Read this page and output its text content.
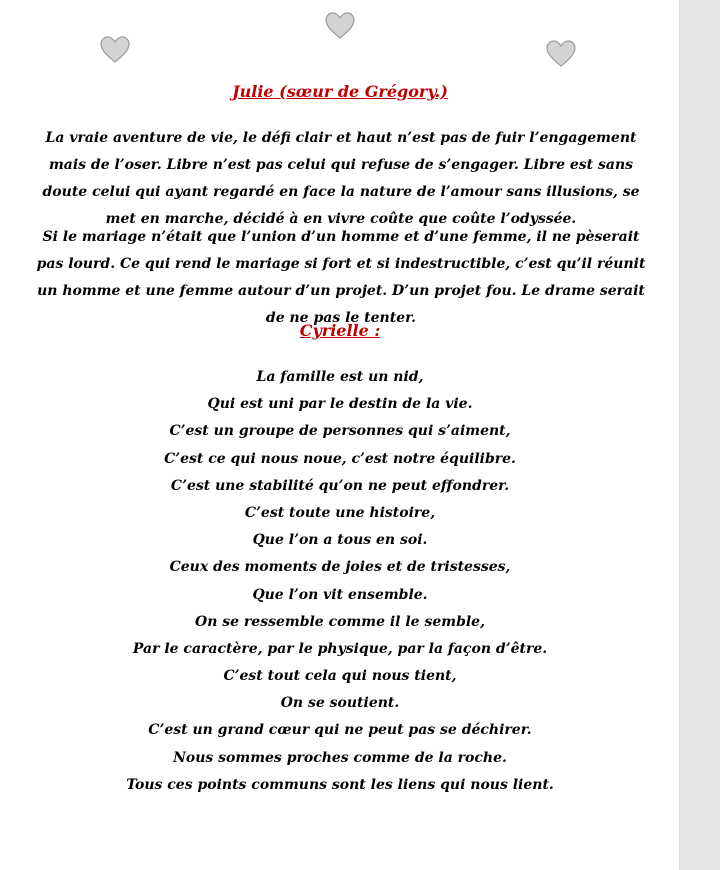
Julie (sœur de Grégory.)
La vraie aventure de vie, le défi clair et haut n’est pas de fuir l’engagement mais de l’oser. Libre n’est pas celui qui refuse de s’engager. Libre est sans doute celui qui ayant regardé en face la nature de l’amour sans illusions, se met en marche, décidé à en vivre coûte que coûte l’odyssée.
Si le mariage n’était que l’union d’un homme et d’une femme, il ne pèserait pas lourd. Ce qui rend le mariage si fort et si indestructible, c’est qu’il réunit un homme et une femme autour d’un projet. D’un projet fou. Le drame serait de ne pas le tenter.
Cyrielle :
La famille est un nid,
Qui est uni par le destin de la vie.
C’est un groupe de personnes qui s’aiment,
C’est ce qui nous noue, c’est notre équilibre.
C’est une stabilité qu’on ne peut effondrer.
C’est toute une histoire,
Que l’on a tous en soi.
Ceux des moments de joies et de tristesses,
Que l’on vit ensemble.
On se ressemble comme il le semble,
Par le caractère, par le physique, par la façon d’être.
C’est tout cela qui nous tient,
On se soutient.
C’est un grand cœur qui ne peut pas se déchirer.
Nous sommes proches comme de la roche.
Tous ces points communs sont les liens qui nous lient.
